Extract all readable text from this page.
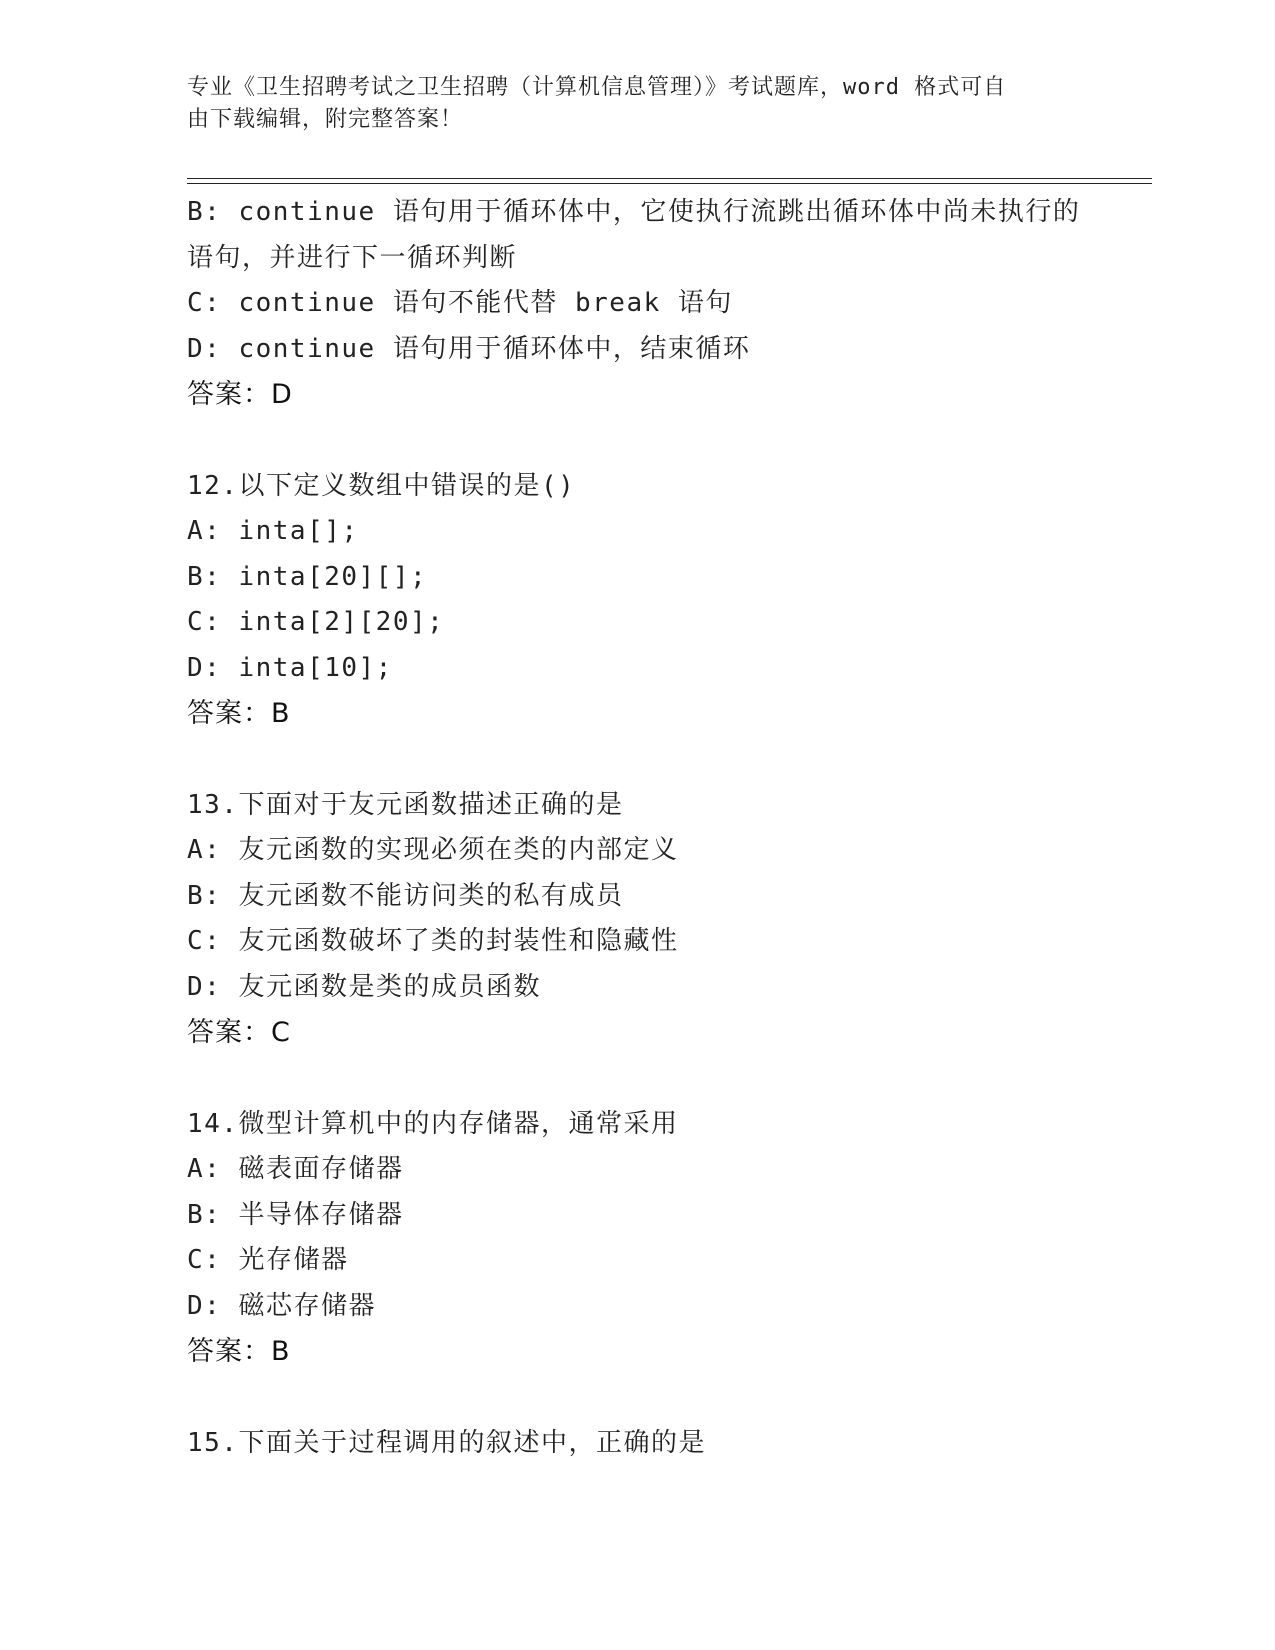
专业《卫生招聘考试之卫生招聘（计算机信息管理）》考试题库，word 格式可自
由下载编辑，附完整答案！
B: continue 语句用于循环体中，它使执行流跳出循环体中尚未执行的
语句，并进行下一循环判断
C: continue 语句不能代替 break 语句
D: continue 语句用于循环体中，结束循环
答案：D
12.以下定义数组中错误的是()
A: inta[];
B: inta[20][];
C: inta[2][20];
D: inta[10];
答案：B
13.下面对于友元函数描述正确的是
A: 友元函数的实现必须在类的内部定义
B: 友元函数不能访问类的私有成员
C: 友元函数破坏了类的封装性和隐藏性
D: 友元函数是类的成员函数
答案：C
14.微型计算机中的内存储器，通常采用
A: 磁表面存储器
B: 半导体存储器
C: 光存储器
D: 磁芯存储器
答案：B
15.下面关于过程调用的叙述中，正确的是
